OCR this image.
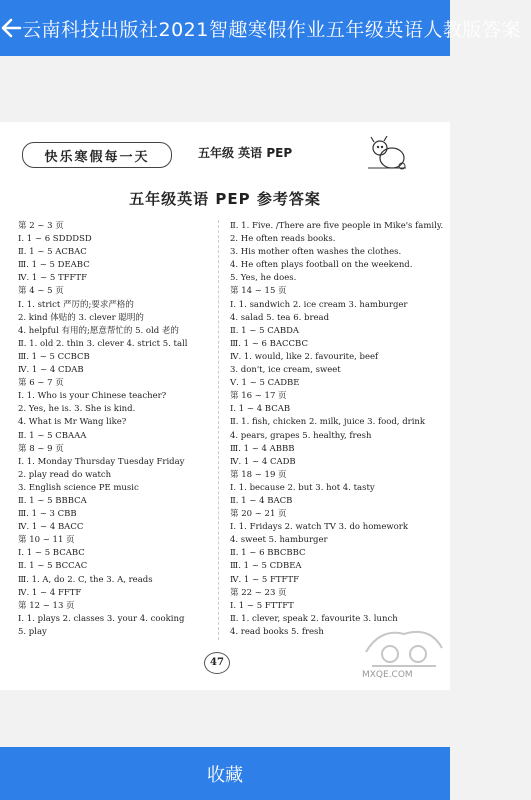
云南科技出版社2021智趣寒假作业五年级英语人教版答案
快乐寒假每一天	五年级 英语 PEP
五年级英语 PEP 参考答案
第 2 ~ 3 页
Ⅰ. 1 ~ 6 SDDDSD
Ⅱ. 1 ~ 5 ACBAC
Ⅲ. 1 ~ 5 DEABC
Ⅳ. 1 ~ 5 TFFTF
第 4 ~ 5 页
Ⅰ. 1. strict 严厉的;要求严格的
2. kind 体贴的 3. clever 聪明的
4. helpful 有用的;愿意帮忙的 5. old 老的
Ⅱ. 1. old 2. thin 3. clever 4. strict 5. tall
Ⅲ. 1 ~ 5 CCBCB
Ⅳ. 1 ~ 4 CDAB
第 6 ~ 7 页
Ⅰ. 1. Who is your Chinese teacher?
2. Yes, he is. 3. She is kind.
4. What is Mr Wang like?
Ⅱ. 1 ~ 5 CBAAA
第 8 ~ 9 页
Ⅰ. 1. Monday Thursday Tuesday Friday
2. play read do watch
3. English science PE music
Ⅱ. 1 ~ 5 BBBCA
Ⅲ. 1 ~ 3 CBB
Ⅳ. 1 ~ 4 BACC
第 10 ~ 11 页
Ⅰ. 1 ~ 5 BCABC
Ⅱ. 1 ~ 5 BCCAC
Ⅲ. 1. A, do 2. C, the 3. A, reads
Ⅳ. 1 ~ 4 FFTF
第 12 ~ 13 页
Ⅰ. 1. plays 2. classes 3. your 4. cooking
5. play
Ⅱ. 1. Five. /There are five people in Mike's family.
2. He often reads books.
3. His mother often washes the clothes.
4. He often plays football on the weekend.
5. Yes, he does.
第 14 ~ 15 页
Ⅰ. 1. sandwich 2. ice cream 3. hamburger
4. salad 5. tea 6. bread
Ⅱ. 1 ~ 5 CABDA
Ⅲ. 1 ~ 6 BACCBC
Ⅳ. 1. would, like 2. favourite, beef
3. don't, ice cream, sweet
Ⅴ. 1 ~ 5 CADBE
第 16 ~ 17 页
Ⅰ. 1 ~ 4 BCAB
Ⅱ. 1. fish, chicken 2. milk, juice 3. food, drink
4. pears, grapes 5. healthy, fresh
Ⅲ. 1 ~ 4 ABBB
Ⅳ. 1 ~ 4 CADB
第 18 ~ 19 页
Ⅰ. 1. because 2. but 3. hot 4. tasty
Ⅱ. 1 ~ 4 BACB
第 20 ~ 21 页
Ⅰ. 1. Fridays 2. watch TV 3. do homework
4. sweet 5. hamburger
Ⅱ. 1 ~ 6 BBCBBC
Ⅲ. 1 ~ 5 CDBEA
Ⅳ. 1 ~ 5 FTFTF
第 22 ~ 23 页
Ⅰ. 1 ~ 5 FTTFT
Ⅱ. 1. clever, speak 2. favourite 3. lunch
4. read books 5. fresh
47
MXQE.COM
收藏
